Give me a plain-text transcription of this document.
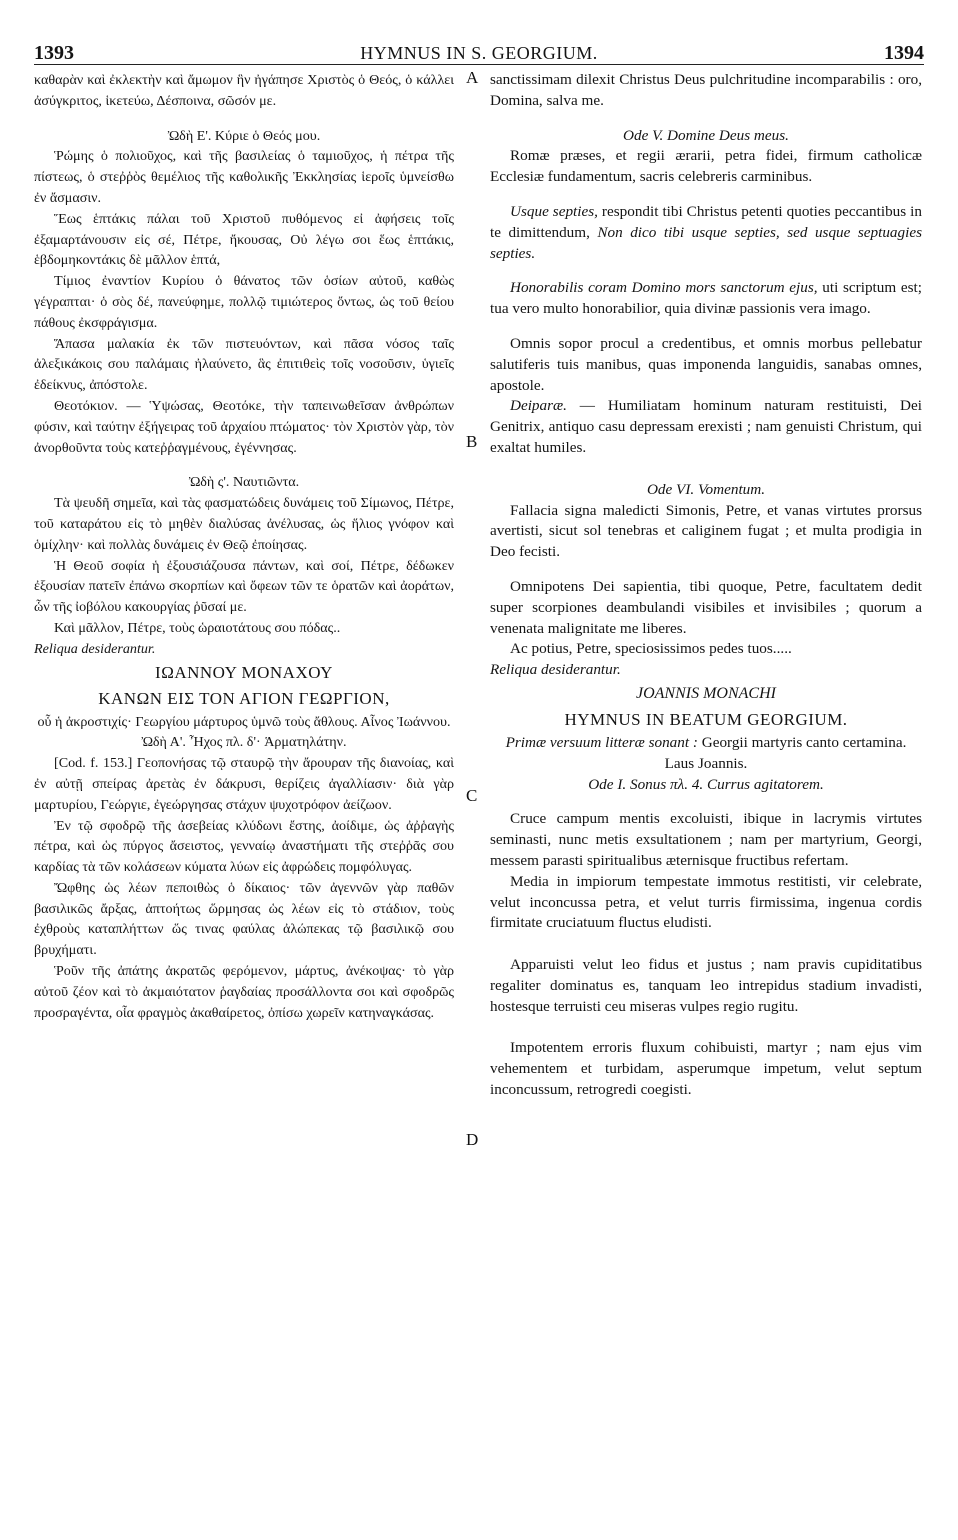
1393	HYMNUS IN S. GEORGIUM.	1394
A
B
C
D

καθαρὰν καὶ ἐκλεκτὴν καὶ ἄμωμον ἣν ἠγάπησε Χριστὸς ὁ Θεός, ὁ κάλλει ἀσύγκριτος, ἱκετεύω, Δέσποινα, σῶσόν με.

Ὠδὴ Ε'. Κύριε ὁ Θεός μου.

Ῥώμης ὁ πολιοῦχος, καὶ τῆς βασιλείας ὁ ταμιοῦχος, ἡ πέτρα τῆς πίστεως, ὁ στεῤῥὸς θεμέλιος τῆς καθολικῆς Ἐκκλησίας ἱεροῖς ὑμνείσθω ἐν ἄσμασιν.

Ἕως ἑπτάκις πάλαι τοῦ Χριστοῦ πυθόμενος εἰ ἀφήσεις τοῖς ἐξαμαρτάνουσιν εἰς σέ, Πέτρε, ἤκουσας, Οὐ λέγω σοι ἕως ἑπτάκις, ἑβδομηκοντάκις δὲ μᾶλλον ἑπτά,

Τίμιος ἐναντίον Κυρίου ὁ θάνατος τῶν ὁσίων αὐτοῦ, καθὼς γέγραπται· ὁ σὸς δέ, πανεύφημε, πολλῷ τιμιώτερος ὄντως, ὡς τοῦ θείου πάθους ἐκσφράγισμα.

Ἅπασα μαλακία ἐκ τῶν πιστευόντων, καὶ πᾶσα νόσος ταῖς ἀλεξικάκοις σου παλάμαις ἠλαύνετο, ἃς ἐπιτιθεὶς τοῖς νοσοῦσιν, ὑγιεῖς ἐδείκνυς, ἀπόστολε.

Θεοτόκιον. — Ὑψώσας, Θεοτόκε, τὴν ταπεινωθεῖσαν ἀνθρώπων φύσιν, καὶ ταύτην ἐξήγειρας τοῦ ἀρχαίου πτώματος· τὸν Χριστὸν γὰρ, τὸν ἀνορθοῦντα τοὺς κατεῤῥαγμένους, ἐγέννησας.

Ὠδὴ ς'. Ναυτιῶντα.

Τὰ ψευδῆ σημεῖα, καὶ τὰς φασματώδεις δυνάμεις τοῦ Σίμωνος, Πέτρε, τοῦ καταράτου εἰς τὸ μηθὲν διαλύσας ἀνέλυσας, ὡς ἥλιος γνόφον καὶ ὁμίχλην· καὶ πολλὰς δυνάμεις ἐν Θεῷ ἐποίησας.

Ἡ Θεοῦ σοφία ἡ ἐξουσιάζουσα πάντων, καὶ σοί, Πέτρε, δέδωκεν ἐξουσίαν πατεῖν ἐπάνω σκορπίων καὶ ὄφεων τῶν τε ὁρατῶν καὶ ἀοράτων, ὧν τῆς ἰοβόλου κακουργίας ῥῦσαί με.

Καὶ μᾶλλον, Πέτρε, τοὺς ὡραιοτάτους σου πόδας..

Reliqua desiderantur.

ΙΩΑΝΝΟΥ ΜΟΝΑΧΟΥ

ΚΑΝΩΝ ΕΙΣ ΤΟΝ ΑΓΙΟΝ ΓΕΩΡΓΙΟΝ,

οὗ ἡ ἀκροστιχίς· Γεωργίου μάρτυρος ὑμνῶ τοὺς ἄθλους. Αἶνος Ἰωάννου.

Ὠδὴ Α'. Ἦχος πλ. δ'· Ἁρματηλάτην.

[Cod. f. 153.] Γεοπονήσας τῷ σταυρῷ τὴν ἄρουραν τῆς διανοίας, καὶ ἐν αὐτῇ σπείρας ἀρετὰς ἐν δάκρυσι, θερίζεις ἀγαλλίασιν· διὰ γὰρ μαρτυρίου, Γεώργιε, ἐγεώργησας στάχυν ψυχοτρόφον ἀείζωον.

Ἐν τῷ σφοδρῷ τῆς ἀσεβείας κλύδωνι ἔστης, ἀοίδιμε, ὡς ἀῤῥαγὴς πέτρα, καὶ ὡς πύργος ἄσειστος, γενναίῳ ἀναστήματι τῆς στεῤῥᾶς σου καρδίας τὰ τῶν κολάσεων κύματα λύων εἰς ἀφρώδεις πομφόλυγας.

Ὤφθης ὡς λέων πεποιθὼς ὁ δίκαιος· τῶν ἀγεννῶν γὰρ παθῶν βασιλικῶς ἄρξας, ἀπτοήτως ὥρμησας ὡς λέων εἰς τὸ στάδιον, τοὺς ἐχθροὺς καταπλήττων ὥς τινας φαύλας ἀλώπεκας τῷ βασιλικῷ σου βρυχήματι.

Ῥοῦν τῆς ἀπάτης ἀκρατῶς φερόμενον, μάρτυς, ἀνέκοψας· τὸ γὰρ αὐτοῦ ζέον καὶ τὸ ἀκμαιότατον ῥαγδαίας προσάλλοντα σοι καὶ σφοδρῶς προσραγέντα, οἷα φραγμὸς ἀκαθαίρετος, ὀπίσω χωρεῖν κατηναγκάσας.

sanctissimam dilexit Christus Deus pulchritudine incomparabilis : oro, Domina, salva me.

Ode V. Domine Deus meus.

Romæ præses, et regii ærarii, petra fidei, firmum catholicæ Ecclesiæ fundamentum, sacris celebreris carminibus.

Usque septies, respondit tibi Christus petenti quoties peccantibus in te dimittendum, Non dico tibi usque septies, sed usque septuagies septies.

Honorabilis coram Domino mors sanctorum ejus, uti scriptum est; tua vero multo honorabilior, quia divinæ passionis vera imago.

Omnis sopor procul a credentibus, et omnis morbus pellebatur salutiferis tuis manibus, quas imponenda languidis, sanabas omnes, apostole.

Deiparæ. — Humiliatam hominum naturam restituisti, Dei Genitrix, antiquo casu depressam erexisti ; nam genuisti Christum, qui exaltat humiles.

Ode VI. Vomentum.

Fallacia signa maledicti Simonis, Petre, et vanas virtutes prorsus avertisti, sicut sol tenebras et caliginem fugat ; et multa prodigia in Deo fecisti.

Omnipotens Dei sapientia, tibi quoque, Petre, facultatem dedit super scorpiones deambulandi visibiles et invisibiles ; quorum a venenata malignitate me liberes.

Ac potius, Petre, speciosissimos pedes tuos.....

Reliqua desiderantur.

JOANNIS MONACHI

HYMNUS IN BEATUM GEORGIUM.

Primæ versuum litteræ sonant : Georgii martyris canto certamina. Laus Joannis.

Ode I. Sonus πλ. 4. Currus agitatorem.

Cruce campum mentis excoluisti, ibique in lacrymis virtutes seminasti, nunc metis exsultationem ; nam per martyrium, Georgi, messem parasti spiritualibus æternisque fructibus refertam.

Media in impiorum tempestate immotus restitisti, vir celebrate, velut inconcussa petra, et velut turris firmissima, ingenua cordis firmitate cruciatuum fluctus eludisti.

Apparuisti velut leo fidus et justus ; nam pravis cupiditatibus regaliter dominatus es, tanquam leo intrepidus stadium invadisti, hostesque terruisti ceu miseras vulpes regio rugitu.

Impotentem erroris fluxum cohibuisti, martyr ; nam ejus vim vehementem et turbidam, asperumque impetum, velut septum inconcussum, retrogredi coegisti.
